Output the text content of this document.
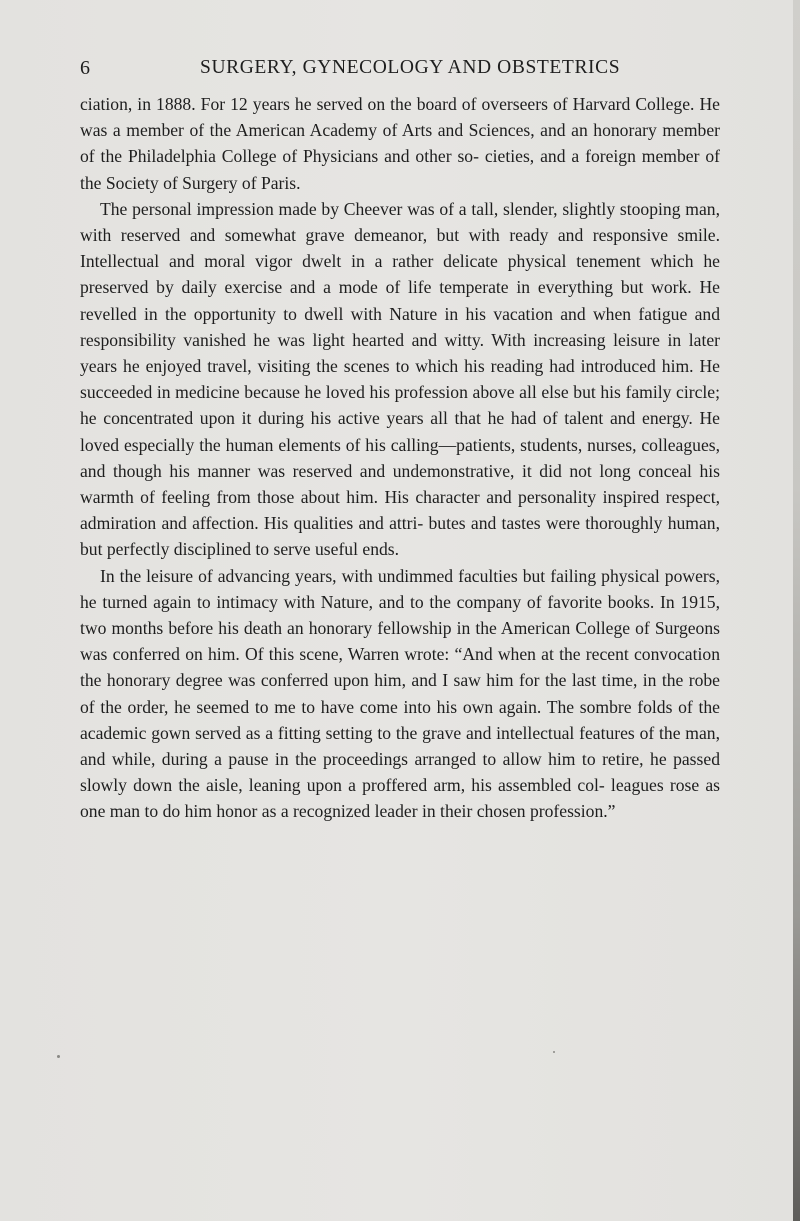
6	SURGERY, GYNECOLOGY AND OBSTETRICS

ciation, in 1888. For 12 years he served on the board of overseers of Harvard College. He was a member of the American Academy of Arts and Sciences, and an honorary member of the Philadelphia College of Physicians and other so- cieties, and a foreign member of the Society of Surgery of Paris.

The personal impression made by Cheever was of a tall, slender, slightly stooping man, with reserved and somewhat grave demeanor, but with ready and responsive smile. Intellectual and moral vigor dwelt in a rather delicate physical tenement which he preserved by daily exercise and a mode of life temperate in everything but work. He revelled in the opportunity to dwell with Nature in his vacation and when fatigue and responsibility vanished he was light hearted and witty. With increasing leisure in later years he enjoyed travel, visiting the scenes to which his reading had introduced him. He succeeded in medicine because he loved his profession above all else but his family circle; he concentrated upon it during his active years all that he had of talent and energy. He loved especially the human elements of his calling—patients, students, nurses, colleagues, and though his manner was reserved and undemonstrative, it did not long conceal his warmth of feeling from those about him. His character and personality inspired respect, admiration and affection. His qualities and attri- butes and tastes were thoroughly human, but perfectly disciplined to serve useful ends.

In the leisure of advancing years, with undimmed faculties but failing physical powers, he turned again to intimacy with Nature, and to the company of favorite books. In 1915, two months before his death an honorary fellowship in the American College of Surgeons was conferred on him. Of this scene, Warren wrote: “And when at the recent convocation the honorary degree was conferred upon him, and I saw him for the last time, in the robe of the order, he seemed to me to have come into his own again. The sombre folds of the academic gown served as a fitting setting to the grave and intellectual features of the man, and while, during a pause in the proceedings arranged to allow him to retire, he passed slowly down the aisle, leaning upon a proffered arm, his assembled col- leagues rose as one man to do him honor as a recognized leader in their chosen profession.”
